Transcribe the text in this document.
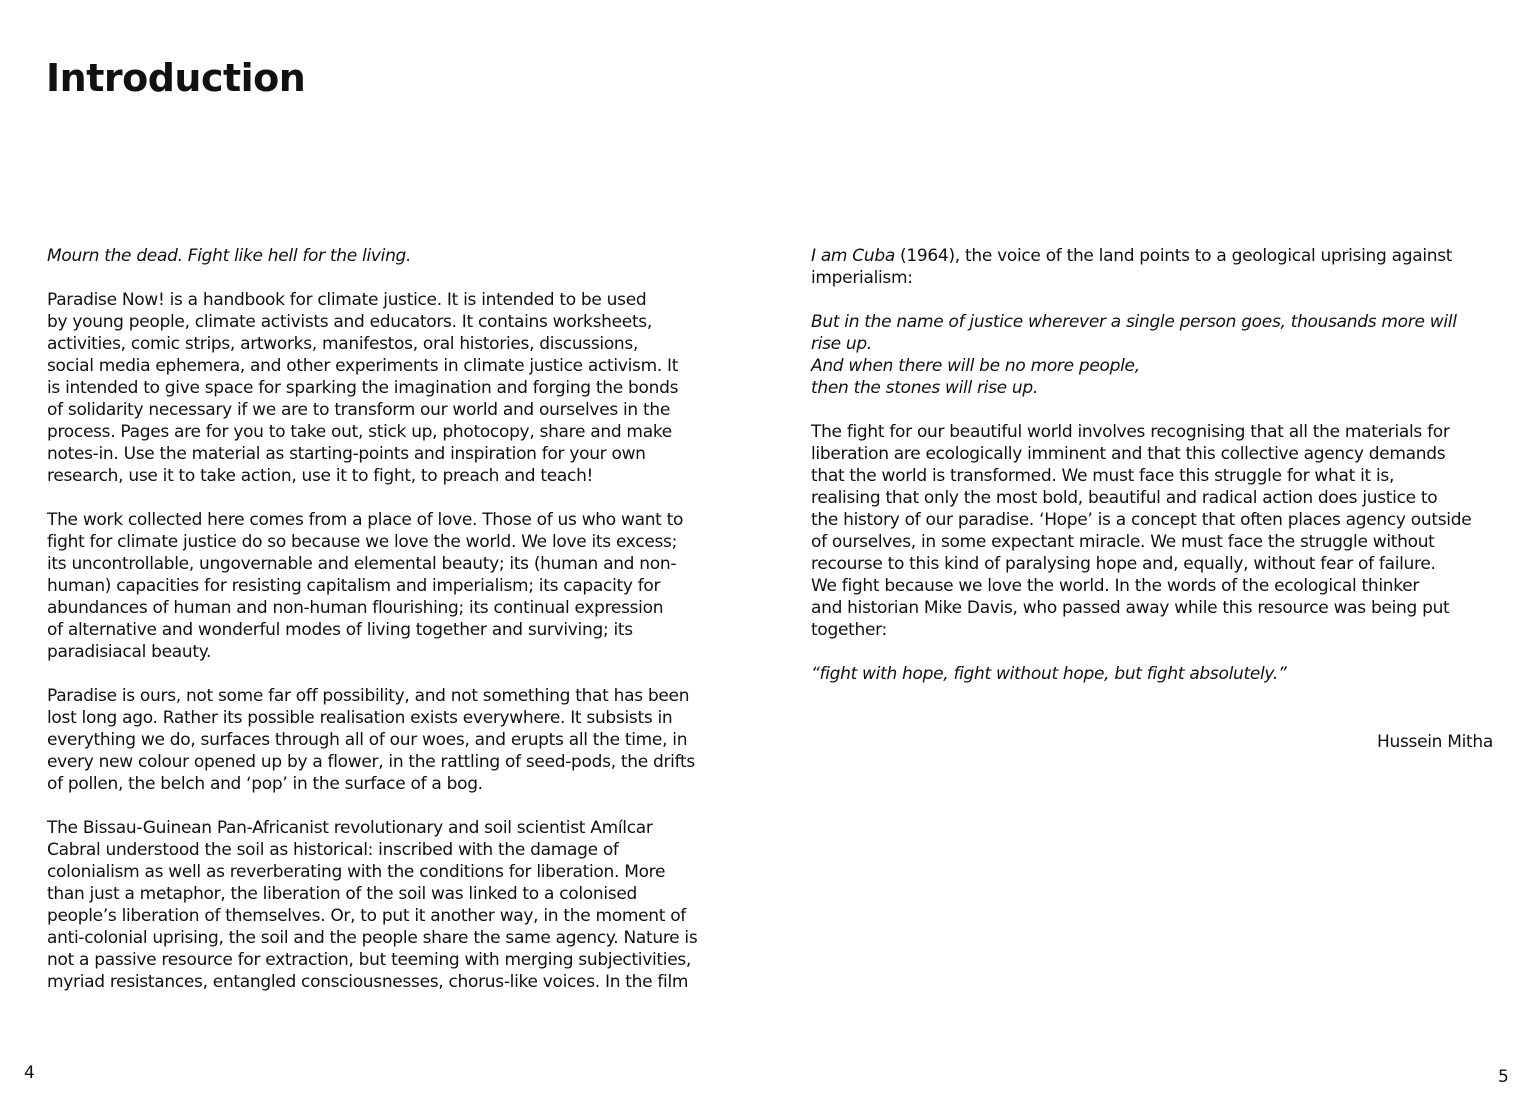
Introduction
Mourn the dead. Fight like hell for the living.
Paradise Now! is a handbook for climate justice. It is intended to be used
by young people, climate activists and educators. It contains worksheets,
activities, comic strips, artworks, manifestos, oral histories, discussions,
social media ephemera, and other experiments in climate justice activism. It
is intended to give space for sparking the imagination and forging the bonds
of solidarity necessary if we are to transform our world and ourselves in the
process. Pages are for you to take out, stick up, photocopy, share and make
notes-in. Use the material as starting-points and inspiration for your own
research, use it to take action, use it to fight, to preach and teach!
The work collected here comes from a place of love. Those of us who want to
fight for climate justice do so because we love the world. We love its excess;
its uncontrollable, ungovernable and elemental beauty; its (human and non-
human) capacities for resisting capitalism and imperialism; its capacity for
abundances of human and non-human flourishing; its continual expression
of alternative and wonderful modes of living together and surviving; its
paradisiacal beauty.
Paradise is ours, not some far off possibility, and not something that has been
lost long ago. Rather its possible realisation exists everywhere. It subsists in
everything we do, surfaces through all of our woes, and erupts all the time, in
every new colour opened up by a flower, in the rattling of seed-pods, the drifts
of pollen, the belch and ‘pop’ in the surface of a bog.
The Bissau-Guinean Pan-Africanist revolutionary and soil scientist Amílcar
Cabral understood the soil as historical: inscribed with the damage of
colonialism as well as reverberating with the conditions for liberation. More
than just a metaphor, the liberation of the soil was linked to a colonised
people’s liberation of themselves. Or, to put it another way, in the moment of
anti-colonial uprising, the soil and the people share the same agency. Nature is
not a passive resource for extraction, but teeming with merging subjectivities,
myriad resistances, entangled consciousnesses, chorus-like voices. In the film
I am Cuba (1964), the voice of the land points to a geological uprising against
imperialism:
But in the name of justice wherever a single person goes, thousands more will
rise up.
And when there will be no more people,
then the stones will rise up.
The fight for our beautiful world involves recognising that all the materials for
liberation are ecologically imminent and that this collective agency demands
that the world is transformed. We must face this struggle for what it is,
realising that only the most bold, beautiful and radical action does justice to
the history of our paradise. ‘Hope’ is a concept that often places agency outside
of ourselves, in some expectant miracle. We must face the struggle without
recourse to this kind of paralysing hope and, equally, without fear of failure.
We fight because we love the world. In the words of the ecological thinker
and historian Mike Davis, who passed away while this resource was being put
together:
“fight with hope, fight without hope, but fight absolutely.”
Hussein Mitha
4	5
